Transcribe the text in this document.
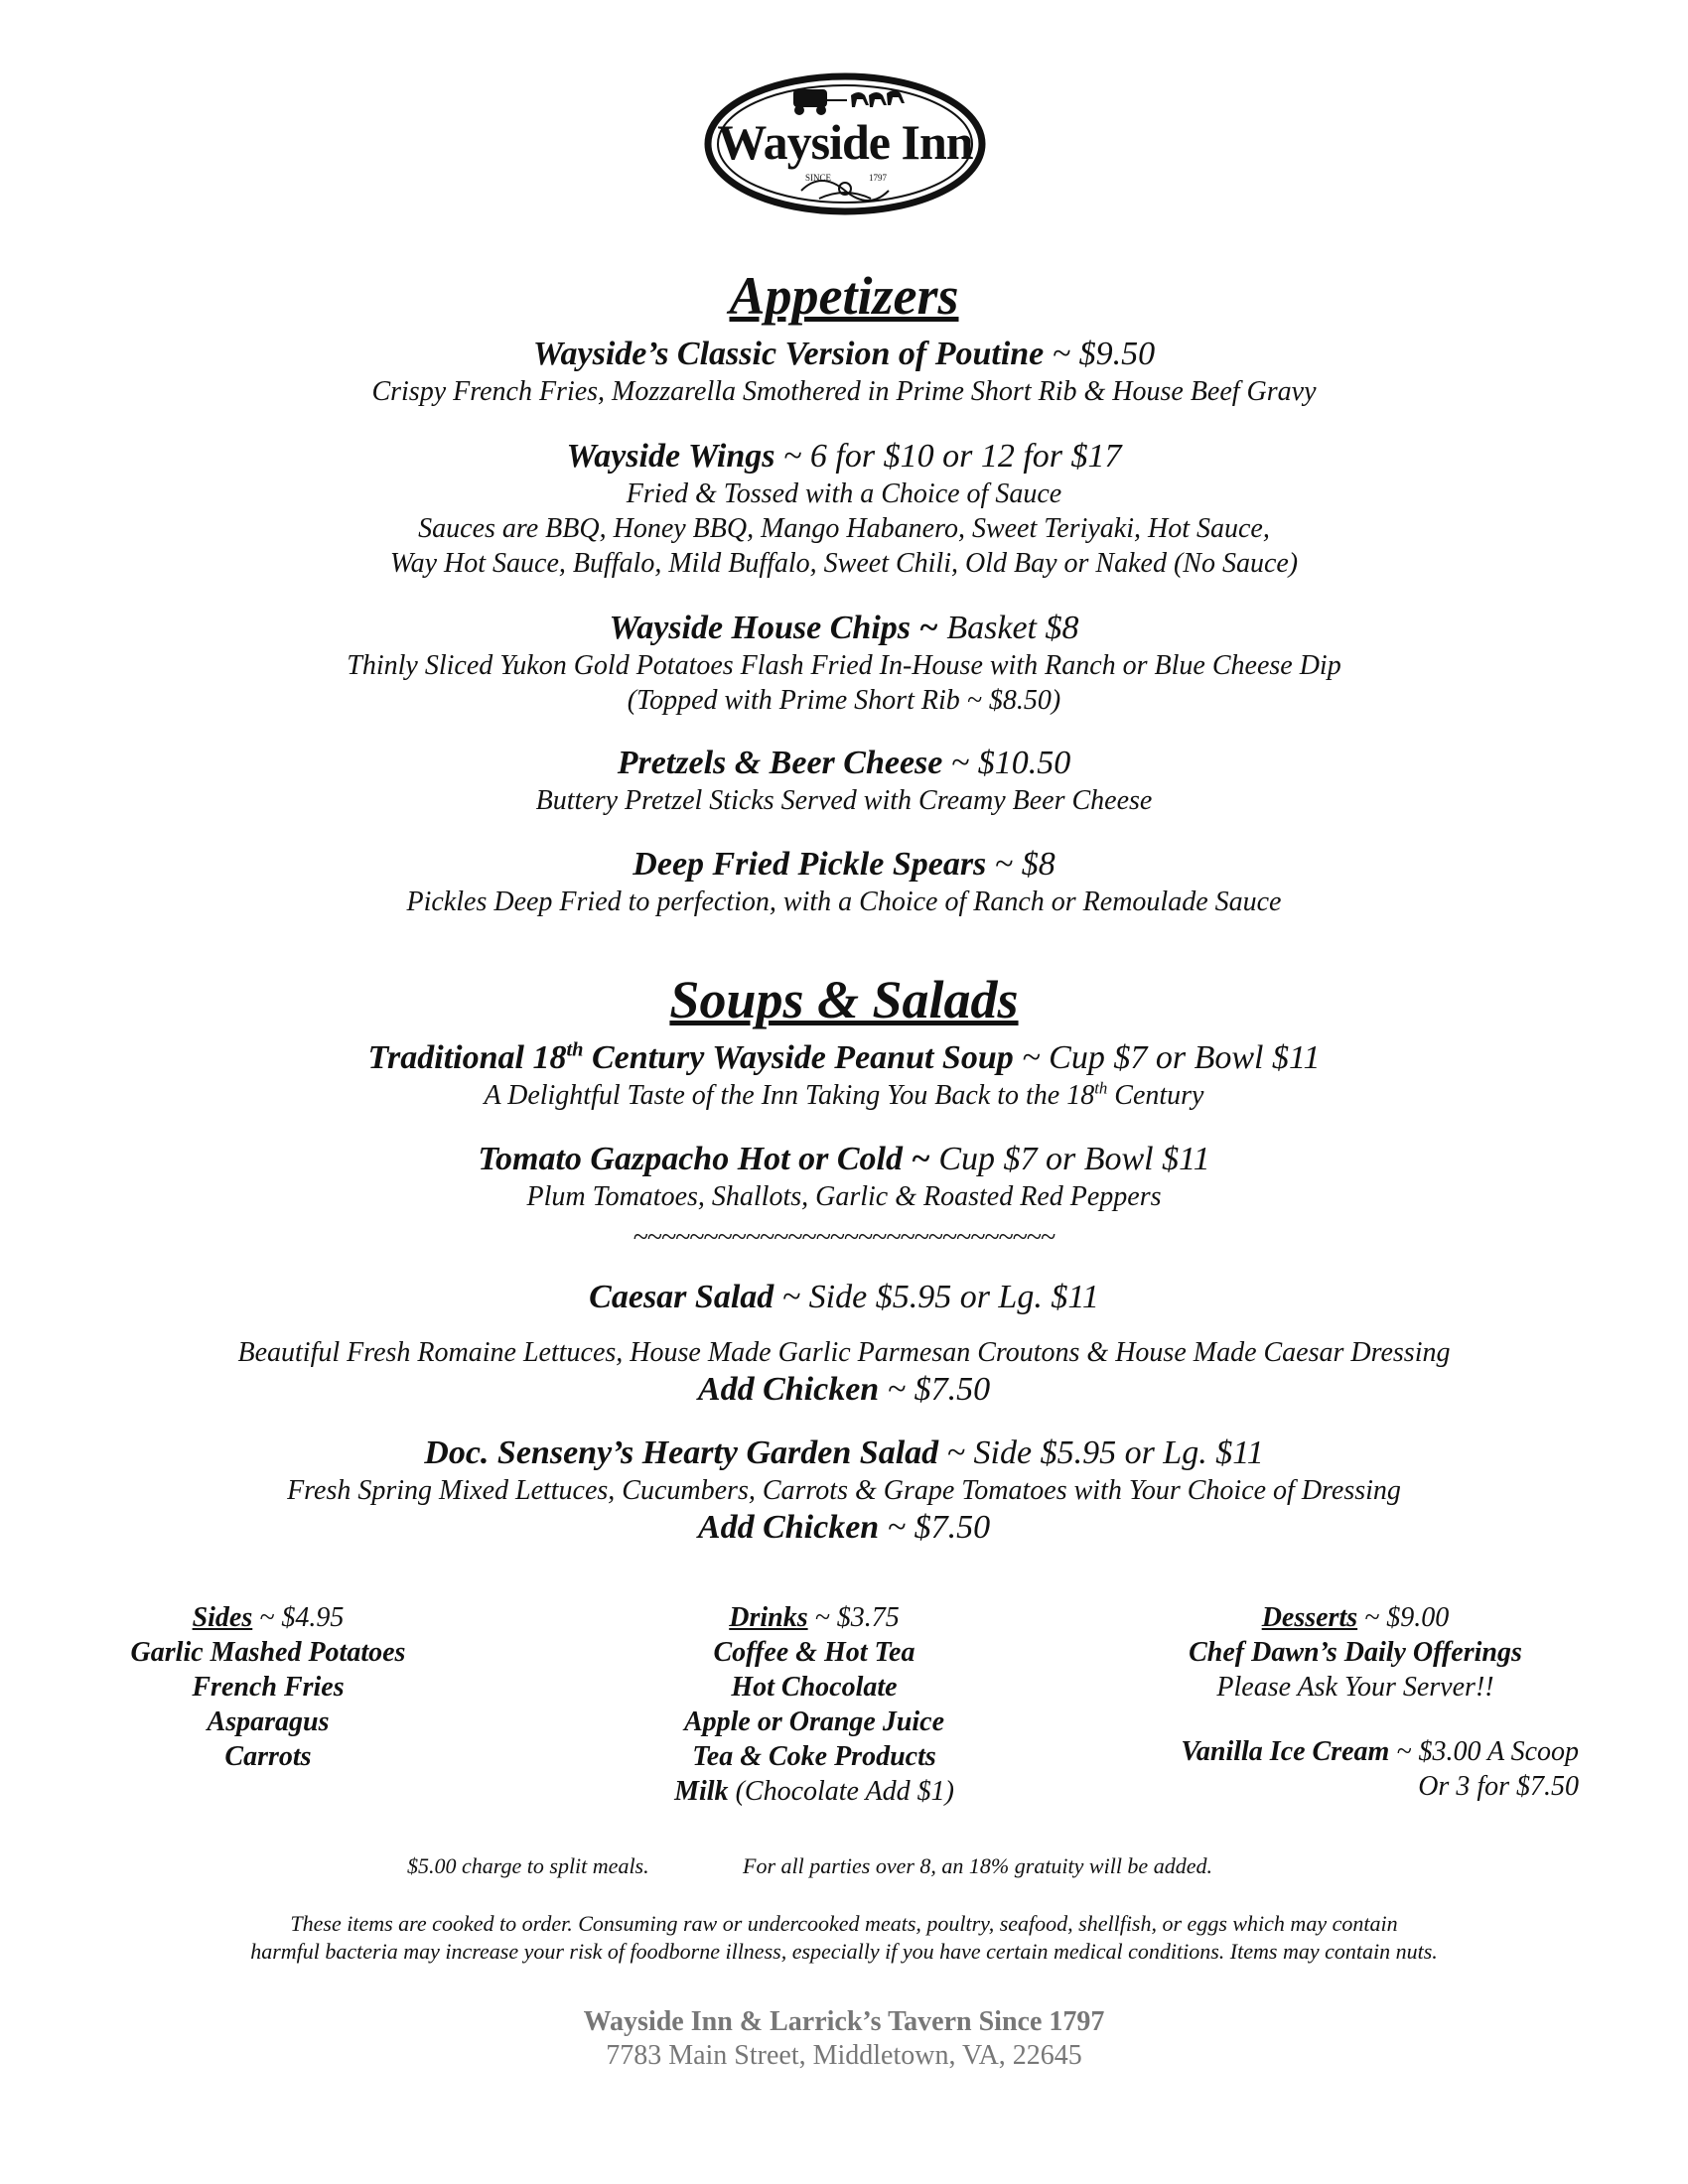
SINCE	1797
Wayside Inn
Appetizers
Wayside’s Classic Version of Poutine ~ $9.50
Crispy French Fries, Mozzarella Smothered in Prime Short Rib & House Beef Gravy
Wayside Wings ~ 6 for $10 or 12 for $17
Fried & Tossed with a Choice of Sauce
Sauces are BBQ, Honey BBQ, Mango Habanero, Sweet Teriyaki, Hot Sauce,
Way Hot Sauce, Buffalo, Mild Buffalo, Sweet Chili, Old Bay or Naked (No Sauce)
Wayside House Chips ~ Basket $8
Thinly Sliced Yukon Gold Potatoes Flash Fried In-House with Ranch or Blue Cheese Dip
(Topped with Prime Short Rib ~ $8.50)
Pretzels & Beer Cheese ~ $10.50
Buttery Pretzel Sticks Served with Creamy Beer Cheese
Deep Fried Pickle Spears ~ $8
Pickles Deep Fried to perfection, with a Choice of Ranch or Remoulade Sauce
Soups & Salads
Traditional 18th Century Wayside Peanut Soup ~ Cup $7 or Bowl $11
A Delightful Taste of the Inn Taking You Back to the 18th Century
Tomato Gazpacho Hot or Cold ~ Cup $7 or Bowl $11
Plum Tomatoes, Shallots, Garlic & Roasted Red Peppers
~~~~~~~~~~~~~~~~~~~~~~~~~~~~~~
Caesar Salad ~ Side $5.95 or Lg. $11
Beautiful Fresh Romaine Lettuces, House Made Garlic Parmesan Croutons & House Made Caesar Dressing
Add Chicken ~ $7.50
Doc. Senseny’s Hearty Garden Salad ~ Side $5.95 or Lg. $11
Fresh Spring Mixed Lettuces, Cucumbers, Carrots & Grape Tomatoes with Your Choice of Dressing
Add Chicken ~ $7.50
Sides ~ $4.95
Garlic Mashed Potatoes
French Fries
Asparagus
Carrots
Drinks ~ $3.75
Coffee & Hot Tea
Hot Chocolate
Apple or Orange Juice
Tea & Coke Products
Milk (Chocolate Add $1)
Desserts ~ $9.00
Chef Dawn’s Daily Offerings
Please Ask Your Server!!
Vanilla Ice Cream ~ $3.00 A Scoop
Or 3 for $7.50
$5.00 charge to split meals.	For all parties over 8, an 18% gratuity will be added.
These items are cooked to order. Consuming raw or undercooked meats, poultry, seafood, shellfish, or eggs which may contain
harmful bacteria may increase your risk of foodborne illness, especially if you have certain medical conditions. Items may contain nuts.
Wayside Inn & Larrick’s Tavern Since 1797
7783 Main Street, Middletown, VA, 22645
